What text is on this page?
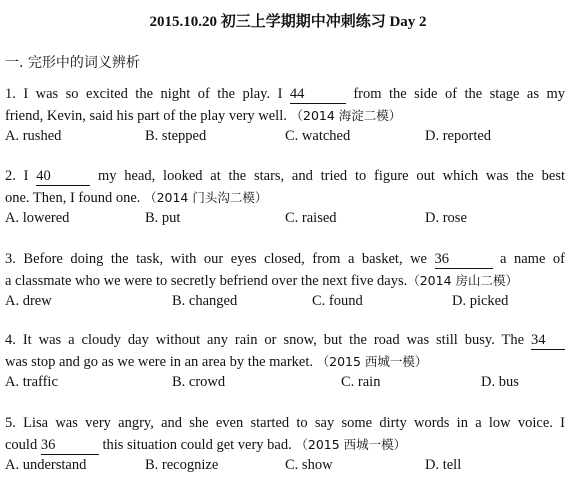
2015.10.20 初三上学期期中冲刺练习 Day 2
一. 完形中的词义辨析
1. I was so excited the night of the play. I 44	from the side of the stage as my
friend, Kevin, said his part of the play very well. （2014 海淀二模）
A. rushed	B. stepped	C. watched	D. reported
2. I 40	my head, looked at the stars, and tried to figure out which was the best
one. Then, I found one. （2014 门头沟二模）
A. lowered	B. put	C. raised	D. rose
3. Before doing the task, with our eyes closed, from a basket, we 36	a name of
a classmate who we were to secretly befriend over the next five days.（2014 房山二模）
A. drew	B. changed	C. found	D. picked
4. It was a cloudy day without any rain or snow, but the road was still busy. The 34
was stop and go as we were in an area by the market. （2015 西城一模）
A. traffic	B. crowd	C. rain	D. bus
5. Lisa was very angry, and she even started to say some dirty words in a low voice. I
could 36	this situation could get very bad. （2015 西城一模）
A. understand	B. recognize	C. show	D. tell
